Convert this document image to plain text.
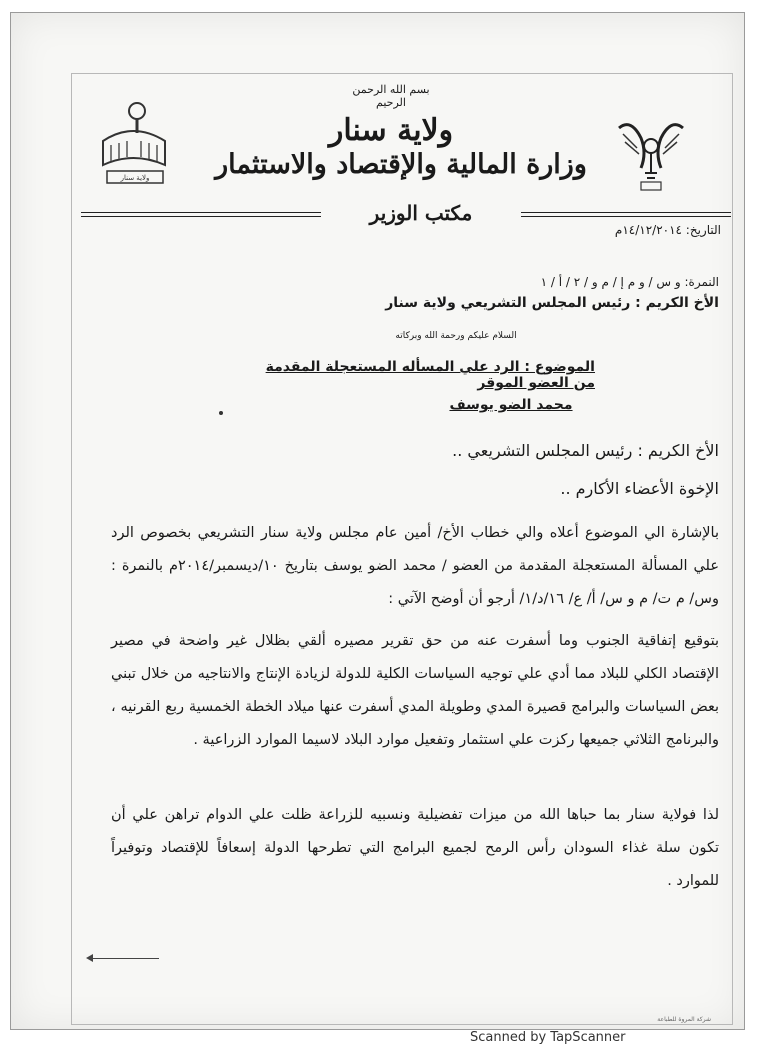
ولاية سنار
بسم الله الرحمن الرحيم
ولاية سنار
وزارة المالية والإقتصاد والاستثمار
مكتب الوزير
التاريخ: ١٤/١٢/٢٠١٤م
النمرة: و س / و م إ / م و / ٢ / أ / ١
الأخ الكريم : رئيس المجلس التشريعي ولاية سنار
السلام عليكم ورحمة الله وبركاته
الموضوع : الرد علي المسأله المستعجلة المقدمة من العضو الموقر
محمد الضو يوسف
الأخ الكريم : رئيس المجلس التشريعي ..
الإخوة الأعضاء الأكارم ..
بالإشارة الي الموضوع أعلاه والي خطاب الأخ/ أمين عام مجلس ولاية سنار التشريعي بخصوص الرد علي المسألة المستعجلة المقدمة من العضو / محمد الضو يوسف بتاريخ ١٠/ديسمبر/٢٠١٤م بالنمرة : وس/ م ت/ م و س/ أ/ ع/ ١٦/د/١/ أرجو أن أوضح الآتي :
بتوقيع إتفاقية الجنوب وما أسفرت عنه من حق تقرير مصيره ألقي بظلال غير واضحة في مصير الإقتصاد الكلي للبلاد مما أدي علي توجيه السياسات الكلية للدولة لزيادة الإنتاج والانتاجيه من خلال تبني بعض السياسات والبرامج قصيرة المدي وطويلة المدي أسفرت عنها ميلاد الخطة الخمسية ربع القرنيه ، والبرنامج الثلاثي جميعها ركزت علي استثمار وتفعيل موارد البلاد لاسيما الموارد الزراعية .
لذا فولاية سنار بما حباها الله من ميزات تفضيلية ونسبيه للزراعة ظلت علي الدوام تراهن علي أن تكون سلة غذاء السودان رأس الرمح لجميع البرامج التي تطرحها الدولة إسعافاً للإقتصاد وتوفيراً للموارد .
شركة المروة للطباعة
Scanned by TapScanner
